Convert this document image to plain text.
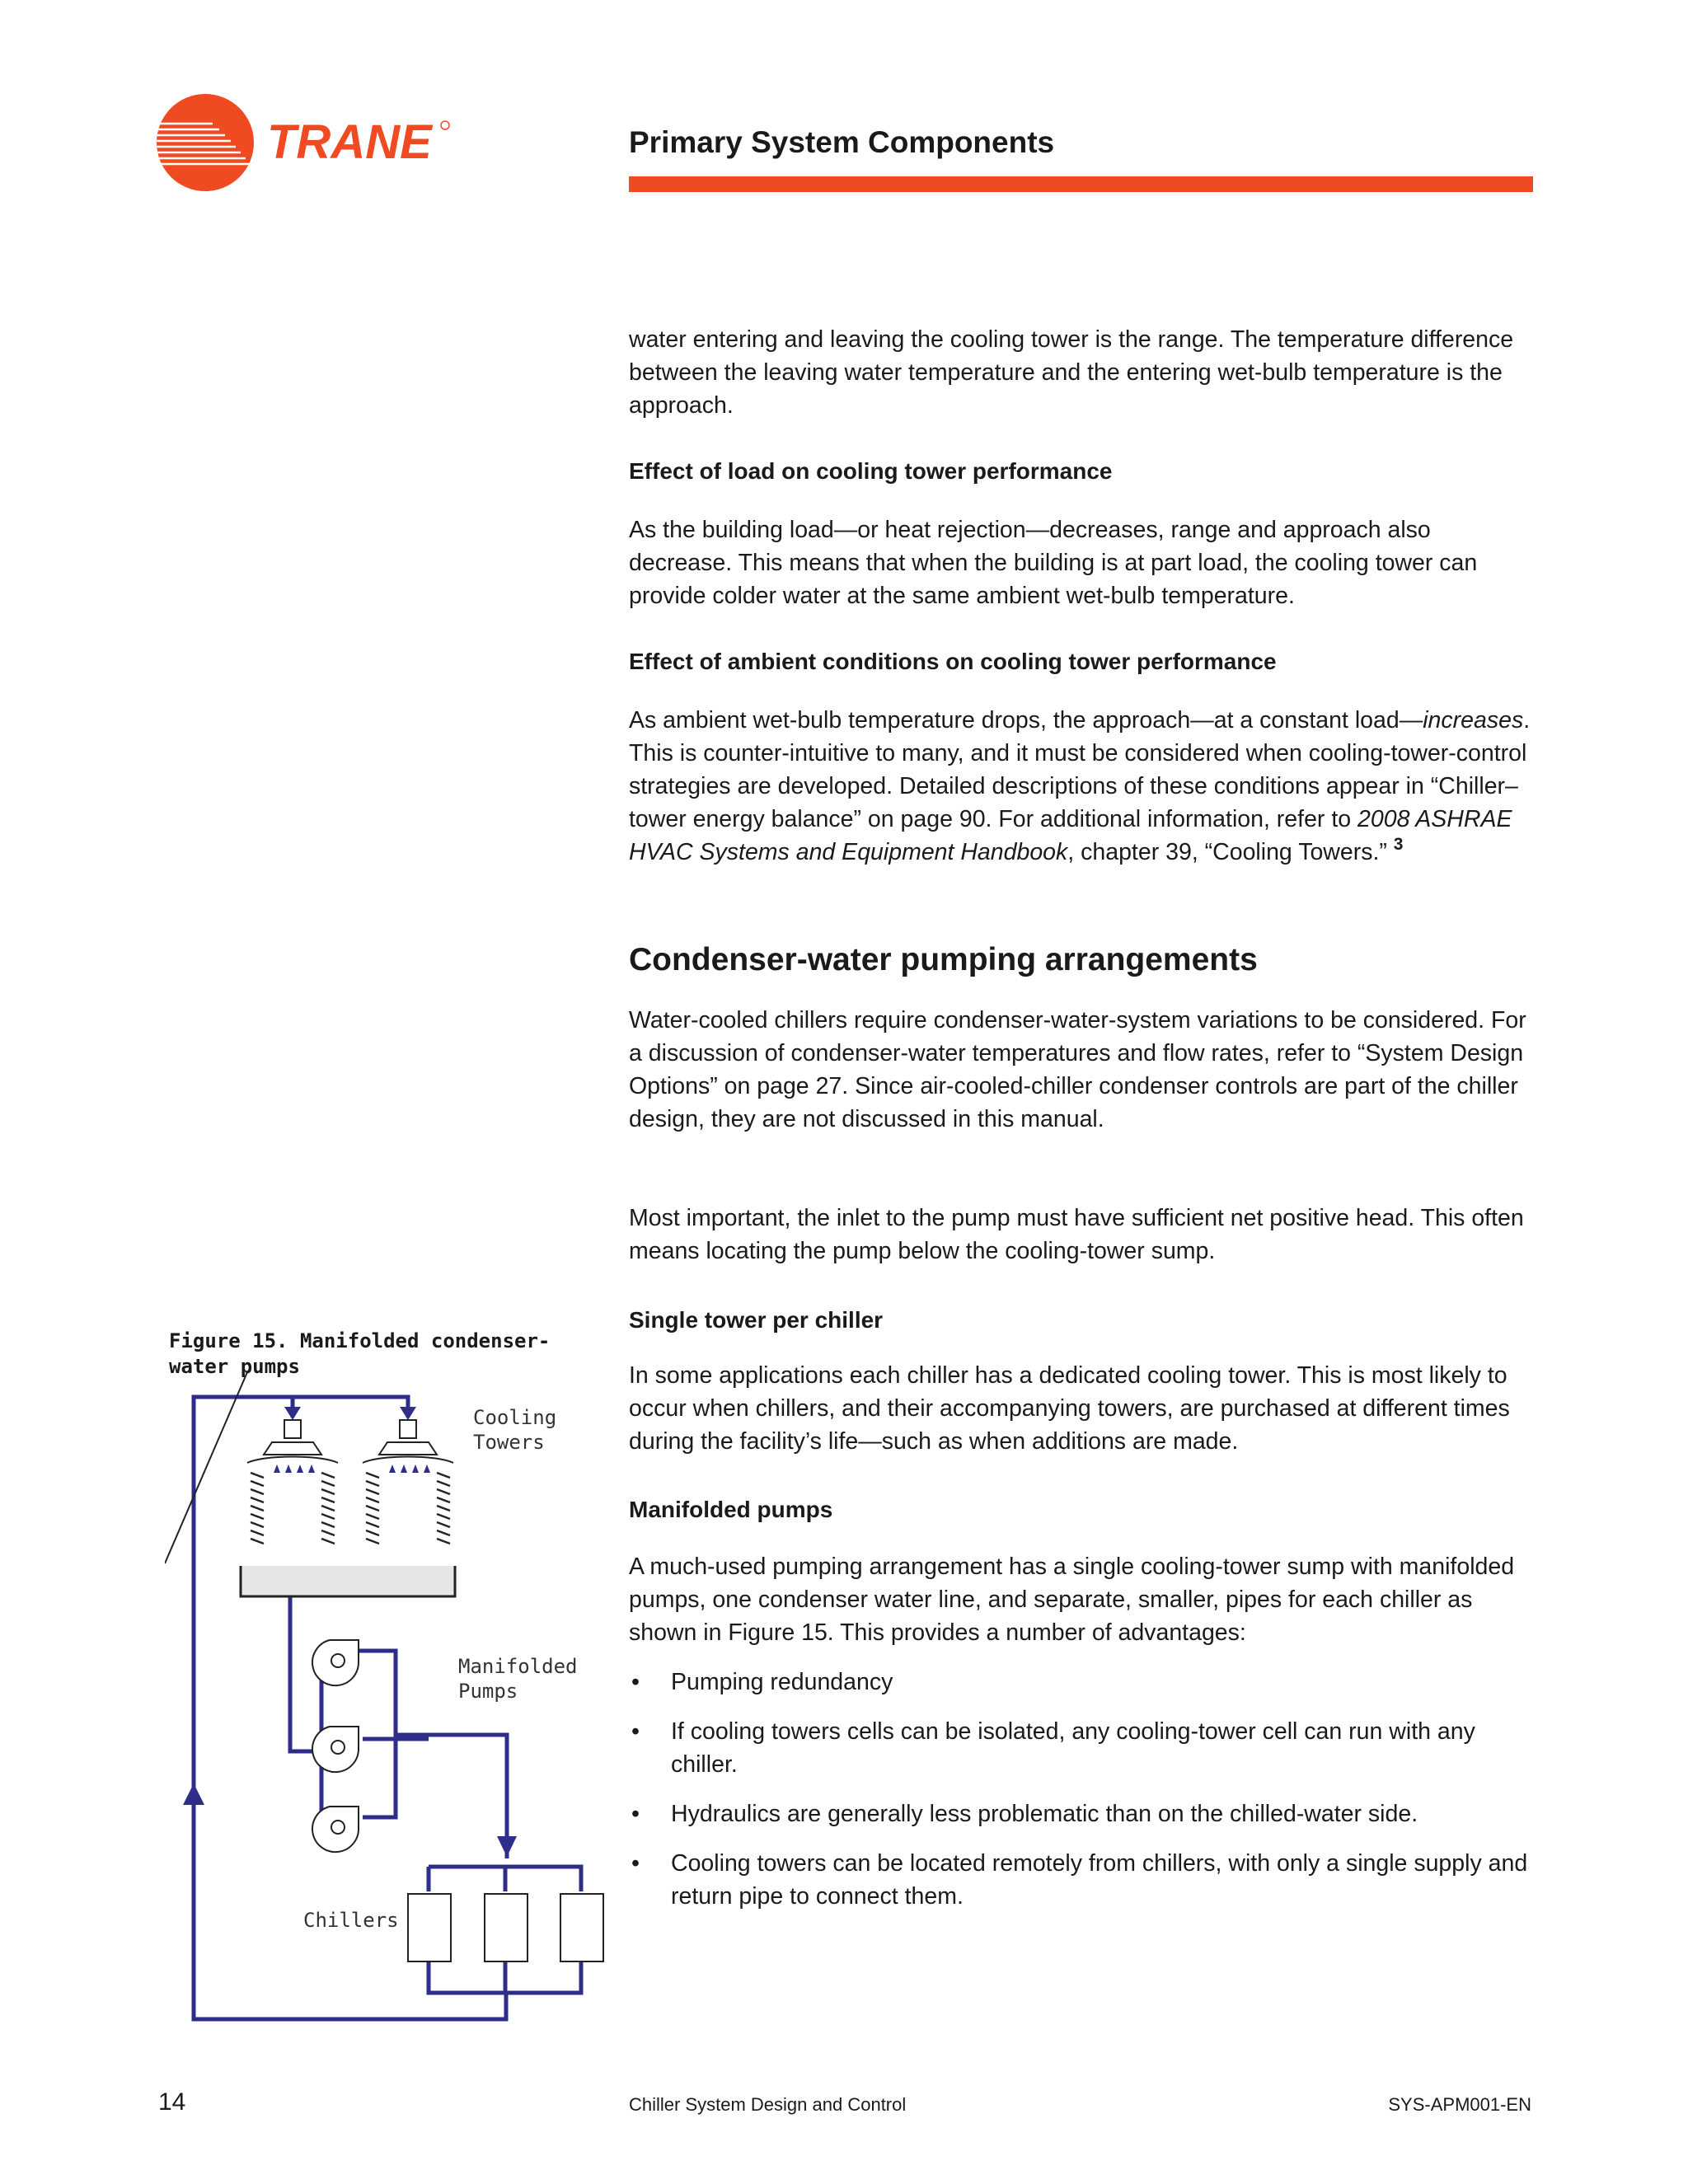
TRANE	Primary System Components

water entering and leaving the cooling tower is the range. The temperature difference between the leaving water temperature and the entering wet-bulb temperature is the approach.

Effect of load on cooling tower performance

As the building load—or heat rejection—decreases, range and approach also decrease. This means that when the building is at part load, the cooling tower can provide colder water at the same ambient wet-bulb temperature.

Effect of ambient conditions on cooling tower performance

As ambient wet-bulb temperature drops, the approach—at a constant load—increases. This is counter-intuitive to many, and it must be considered when cooling-tower-control strategies are developed. Detailed descriptions of these conditions appear in “Chiller–tower energy balance” on page 90. For additional information, refer to 2008 ASHRAE HVAC Systems and Equipment Handbook, chapter 39, “Cooling Towers.” $^3$

Condenser-water pumping arrangements

Water-cooled chillers require condenser-water-system variations to be considered. For a discussion of condenser-water temperatures and flow rates, refer to “System Design Options” on page 27. Since air-cooled-chiller condenser controls are part of the chiller design, they are not discussed in this manual.

Most important, the inlet to the pump must have sufficient net positive head. This often means locating the pump below the cooling-tower sump.

Single tower per chiller

In some applications each chiller has a dedicated cooling tower. This is most likely to occur when chillers, and their accompanying towers, are purchased at different times during the facility’s life—such as when additions are made.

Manifolded pumps

A much-used pumping arrangement has a single cooling-tower sump with manifolded pumps, one condenser water line, and separate, smaller, pipes for each chiller as shown in Figure 15. This provides a number of advantages:

• Pumping redundancy
• If cooling towers cells can be isolated, any cooling-tower cell can run with any chiller.
• Hydraulics are generally less problematic than on the chilled-water side.
• Cooling towers can be located remotely from chillers, with only a single supply and return pipe to connect them.

Figure 15. Manifolded condenser-water pumps

Cooling
Towers
Manifolded
Pumps
Chillers
14	Chiller System Design and Control	SYS-APM001-EN
